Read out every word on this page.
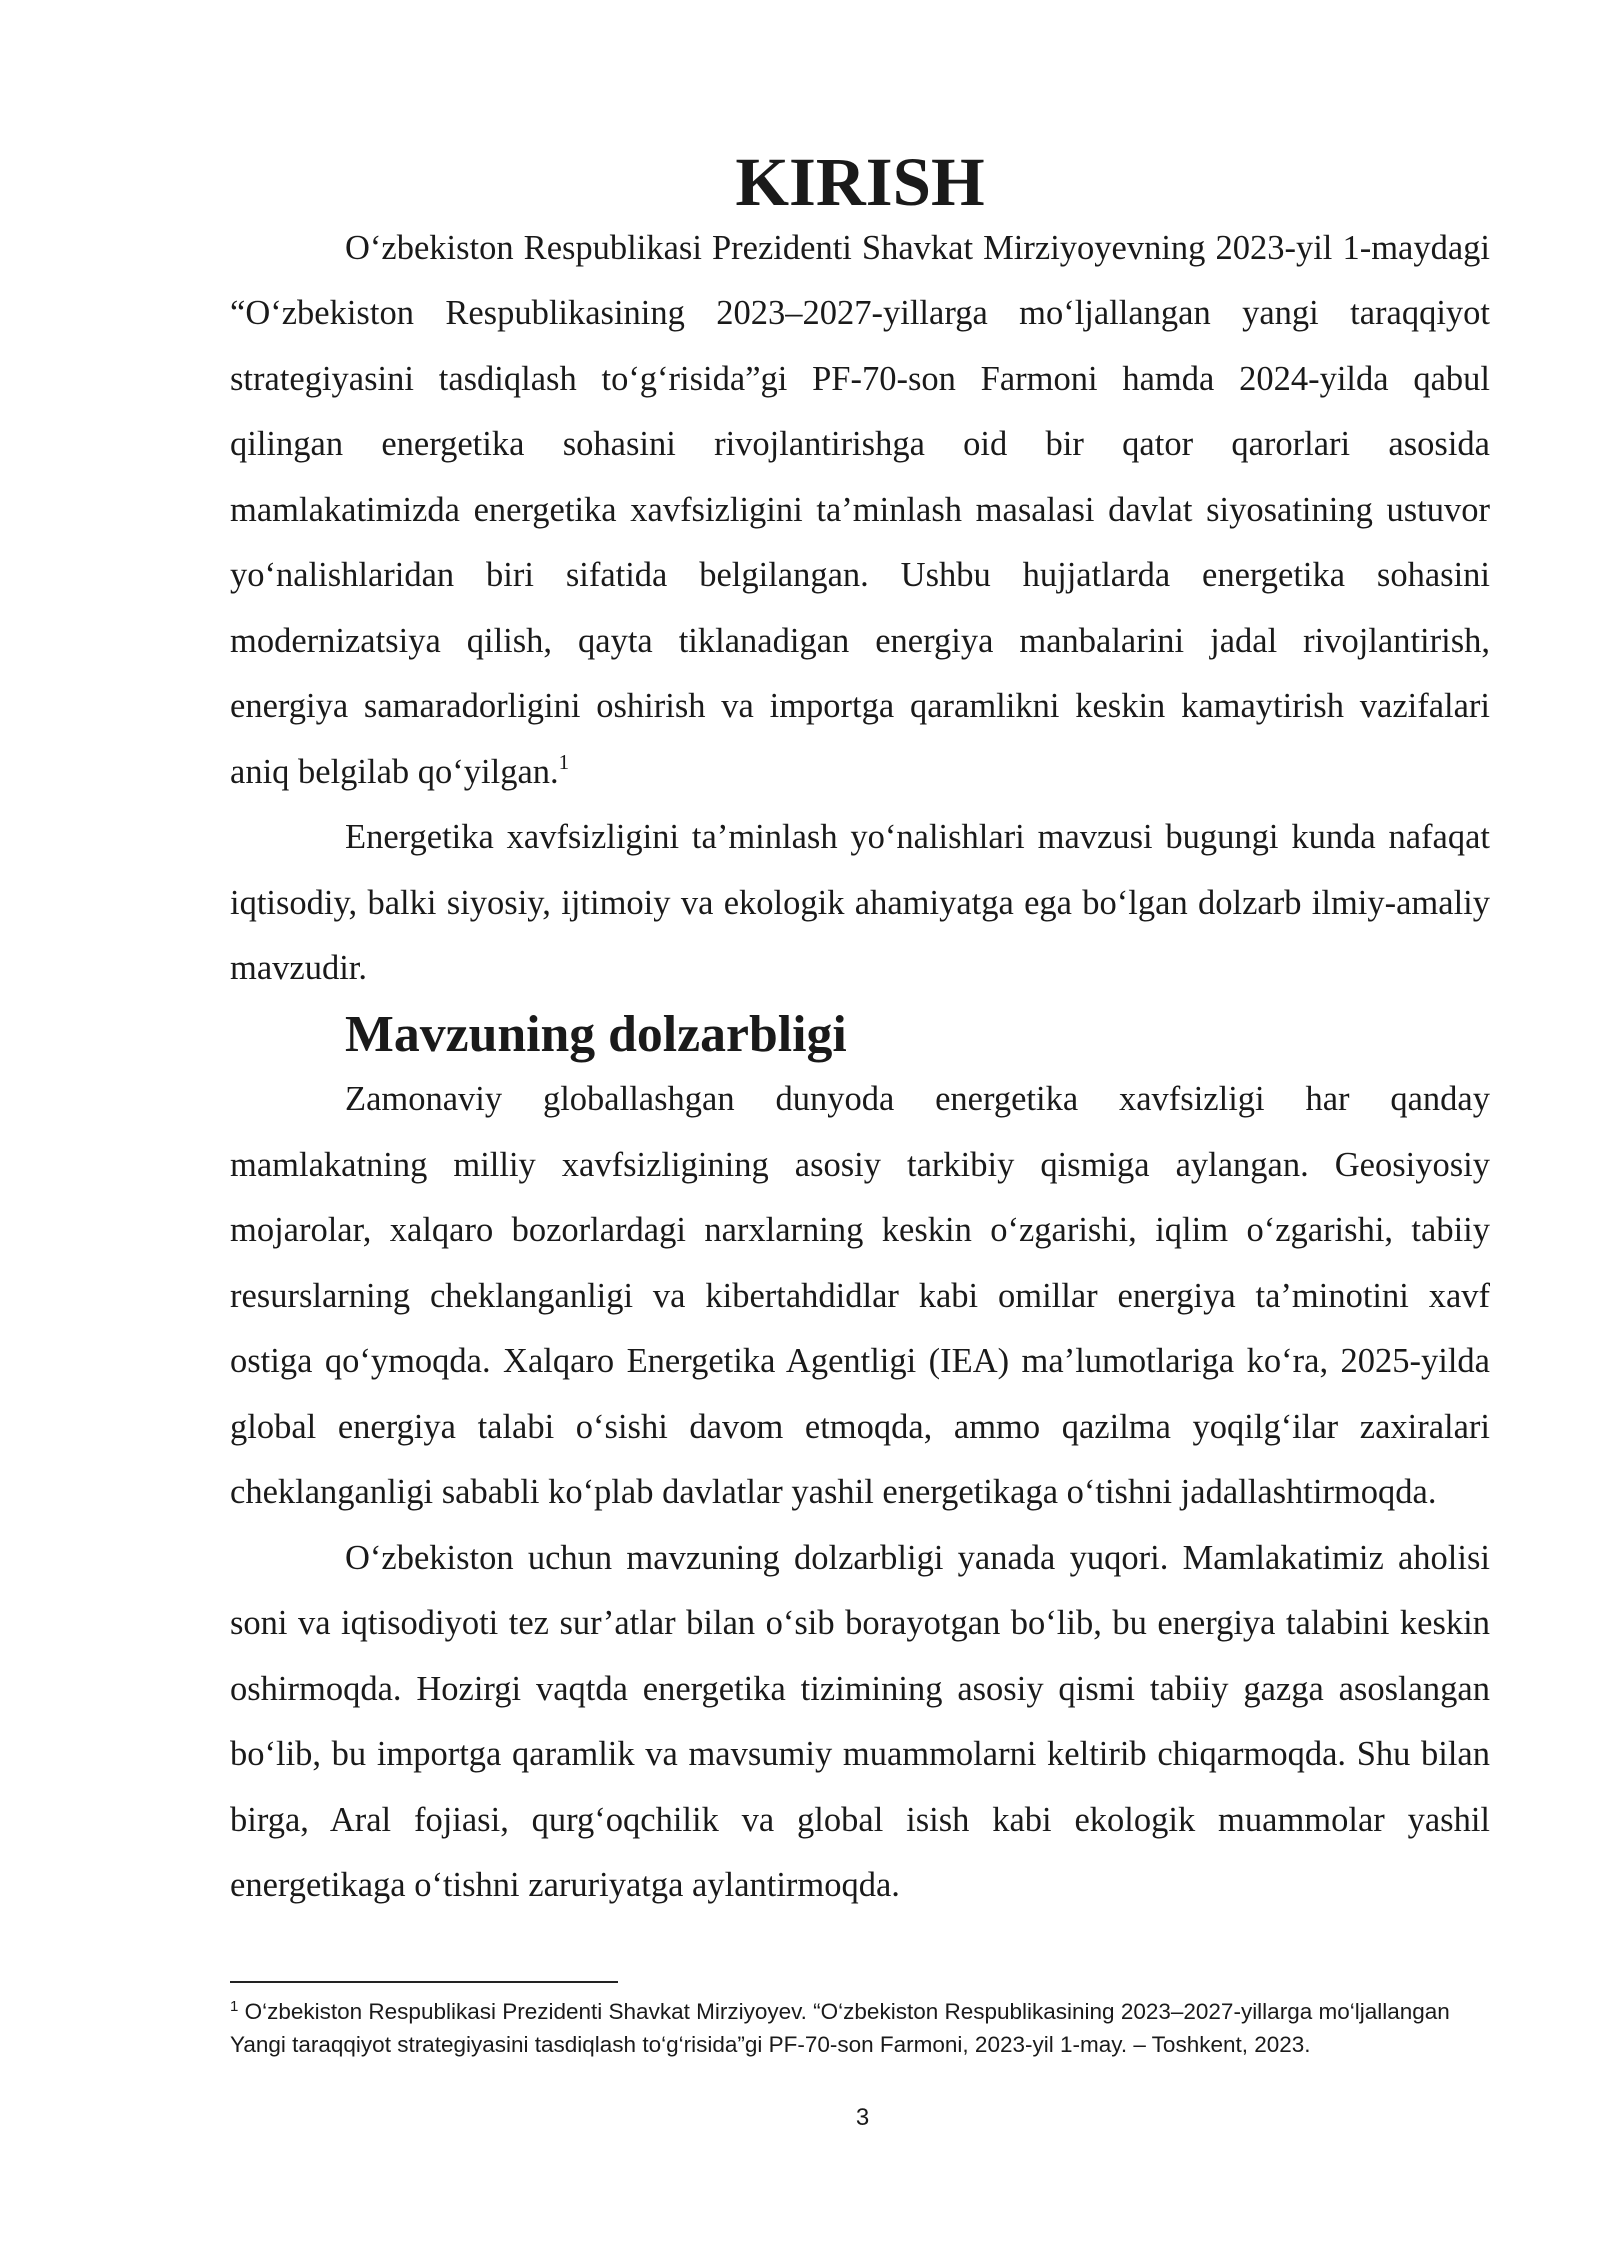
KIRISH

O‘zbekiston Respublikasi Prezidenti Shavkat Mirziyoyevning 2023-yil 1-maydagi “O‘zbekiston Respublikasining 2023–2027-yillarga mo‘ljallangan yangi taraqqiyot strategiyasini tasdiqlash to‘g‘risida”gi PF-70-son Farmoni hamda 2024-yilda qabul qilingan energetika sohasini rivojlantirishga oid bir qator qarorlari asosida mamlakatimizda energetika xavfsizligini ta’minlash masalasi davlat siyosatining ustuvor yo‘nalishlaridan biri sifatida belgilangan. Ushbu hujjatlarda energetika sohasini modernizatsiya qilish, qayta tiklanadigan energiya manbalarini jadal rivojlantirish, energiya samaradorligini oshirish va importga qaramlikni keskin kamaytirish vazifalari aniq belgilab qo‘yilgan.$^1$

Energetika xavfsizligini ta’minlash yo‘nalishlari mavzusi bugungi kunda nafaqat iqtisodiy, balki siyosiy, ijtimoiy va ekologik ahamiyatga ega bo‘lgan dolzarb ilmiy-amaliy mavzudir.

Mavzuning dolzarbligi

Zamonaviy globallashgan dunyoda energetika xavfsizligi har qanday mamlakatning milliy xavfsizligining asosiy tarkibiy qismiga aylangan. Geosiyosiy mojarolar, xalqaro bozorlardagi narxlarning keskin o‘zgarishi, iqlim o‘zgarishi, tabiiy resurslarning cheklanganligi va kibertahdidlar kabi omillar energiya ta’minotini xavf ostiga qo‘ymoqda. Xalqaro Energetika Agentligi (IEA) ma’lumotlariga ko‘ra, 2025-yilda global energiya talabi o‘sishi davom etmoqda, ammo qazilma yoqilg‘ilar zaxiralari cheklanganligi sababli ko‘plab davlatlar yashil energetikaga o‘tishni jadallashtirmoqda.

O‘zbekiston uchun mavzuning dolzarbligi yanada yuqori. Mamlakatimiz aholisi soni va iqtisodiyoti tez sur’atlar bilan o‘sib borayotgan bo‘lib, bu energiya talabini keskin oshirmoqda. Hozirgi vaqtda energetika tizimining asosiy qismi tabiiy gazga asoslangan bo‘lib, bu importga qaramlik va mavsumiy muammolarni keltirib chiqarmoqda. Shu bilan birga, Aral fojiasi, qurg‘oqchilik va global isish kabi ekologik muammolar yashil energetikaga o‘tishni zaruriyatga aylantirmoqda.

$^1$ O‘zbekiston Respublikasi Prezidenti Shavkat Mirziyoyev. “O‘zbekiston Respublikasining 2023–2027-yillarga mo‘ljallangan Yangi taraqqiyot strategiyasini tasdiqlash to‘g‘risida”gi PF-70-son Farmoni, 2023-yil 1-may. – Toshkent, 2023.

3
